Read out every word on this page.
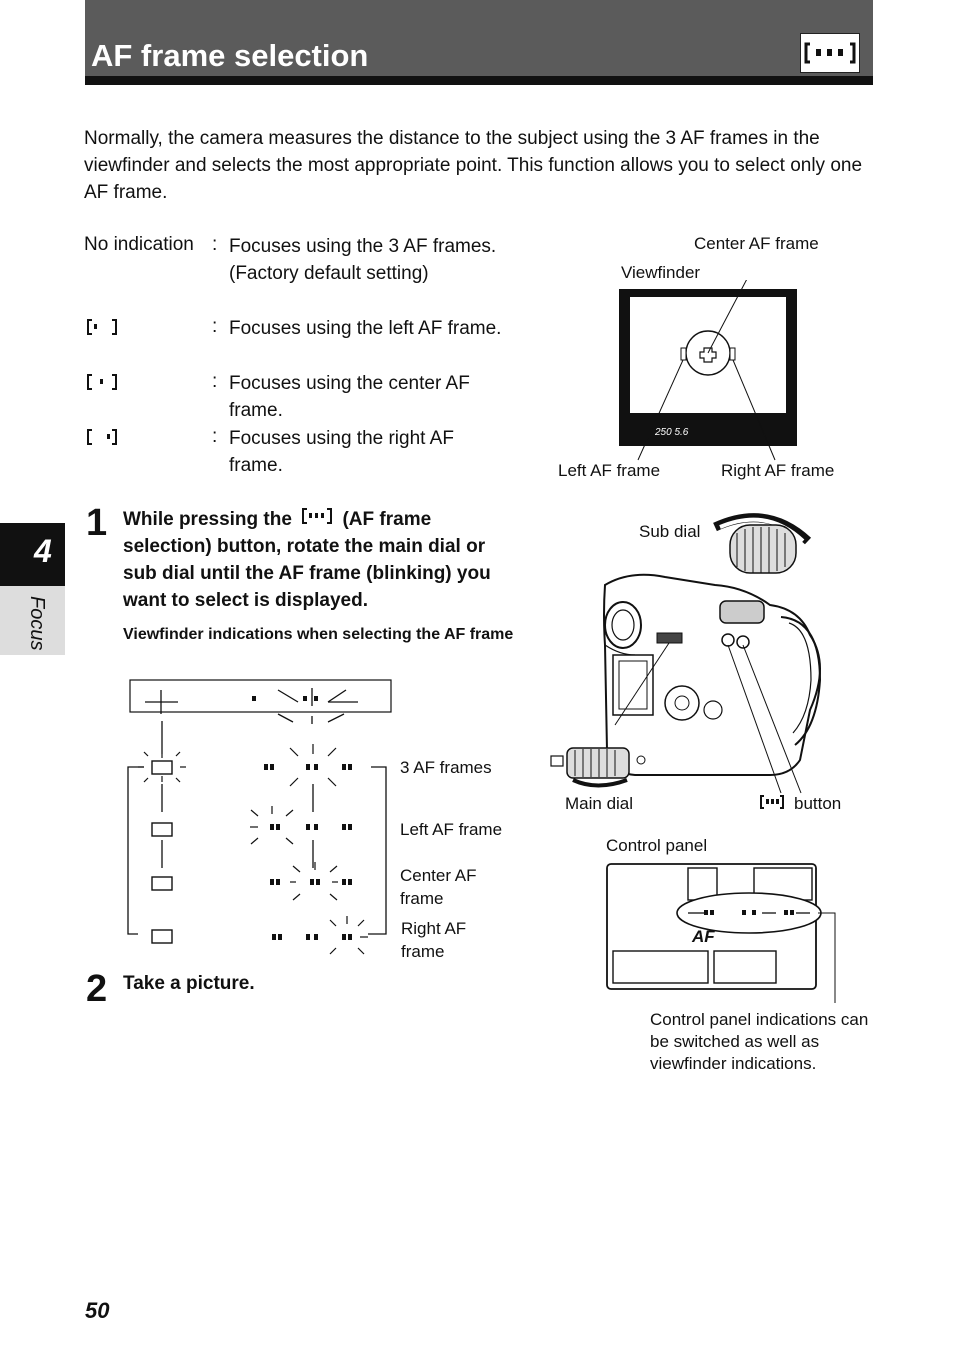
AF frame selection
Normally, the camera measures the distance to the subject using the 3 AF frames in the viewfinder and selects the most appropriate point. This function allows you to select only one AF frame.
No indication : Focuses using the 3 AF frames. (Factory default setting)
: Focuses using the left AF frame.
: Focuses using the center AF frame.
: Focuses using the right AF frame.
Center AF frame
Viewfinder
Left AF frame	Right AF frame
250 5.6
1 While pressing the	(AF frame selection) button, rotate the main dial or sub dial until the AF frame (blinking) you want to select is displayed.
Viewfinder indications when selecting the AF frame
3 AF frames
Left AF frame
Center AF frame
Right AF frame
2 Take a picture.
Sub dial
Main dial	button
Control panel
AF
Control panel indications can be switched as well as viewfinder indications.
4
Focus
50
